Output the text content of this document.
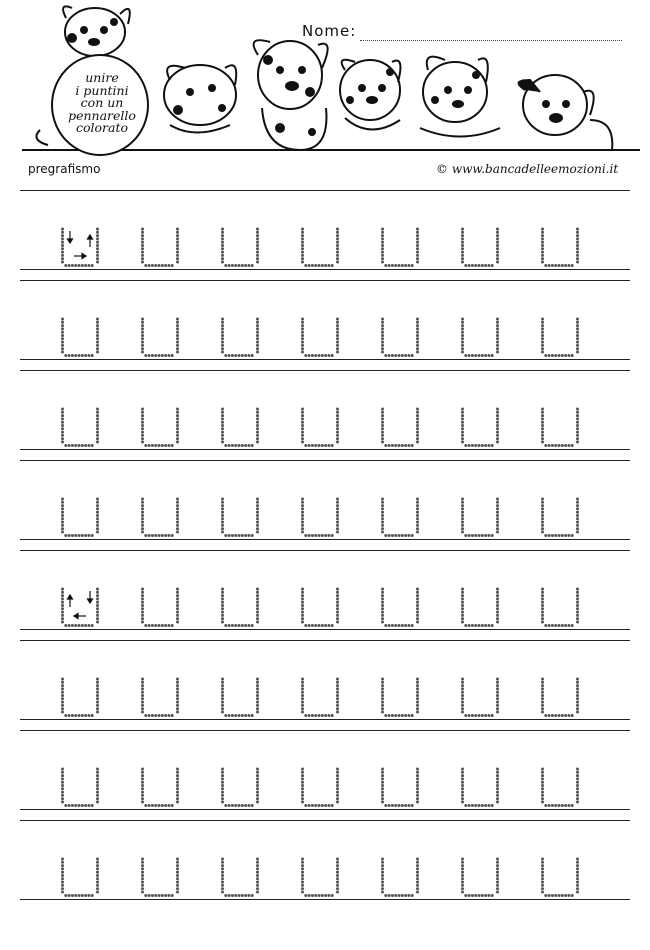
Nome:
unire
i puntini
con un
pennarello
colorato
pregrafismo	© www.bancadelleemozioni.it
